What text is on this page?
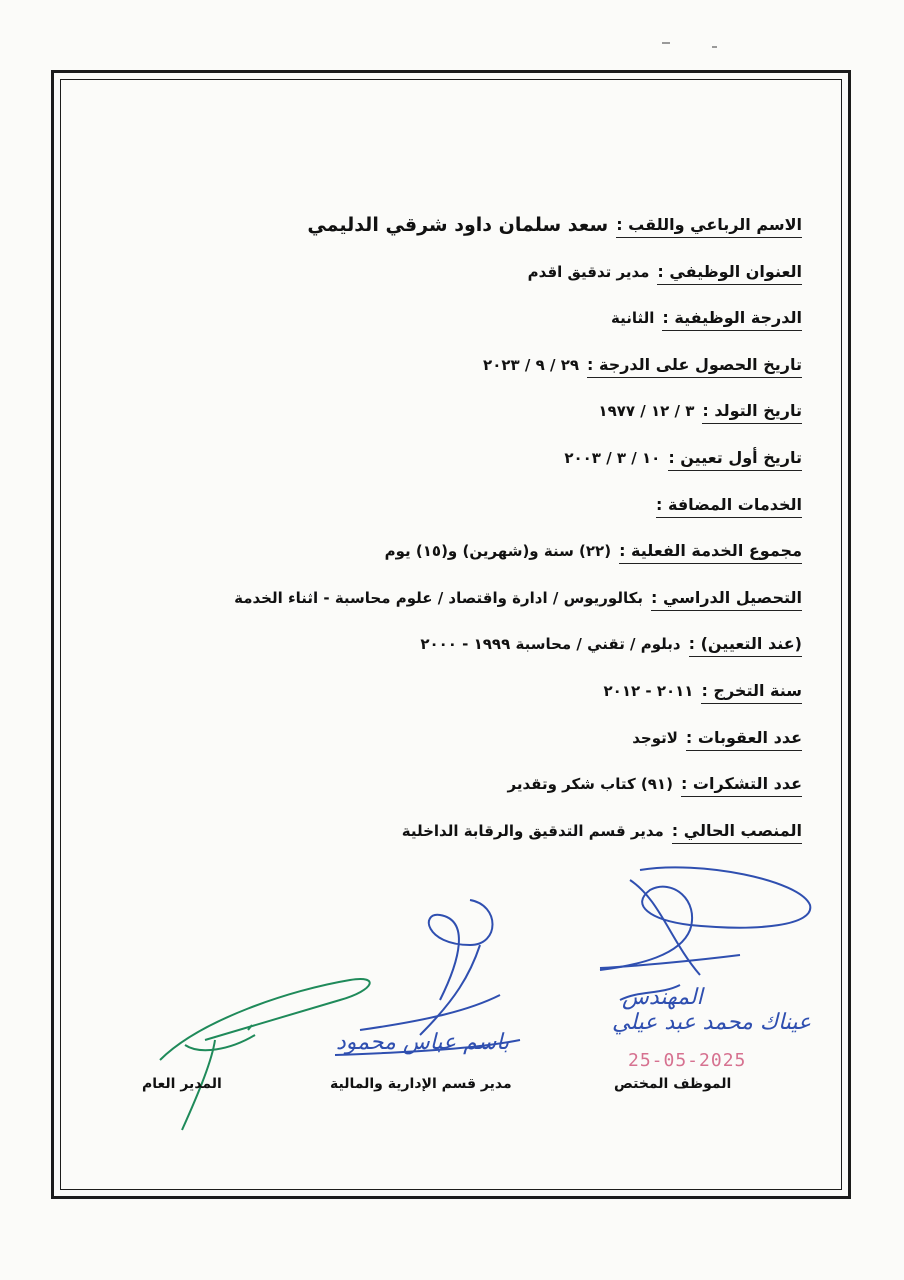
الاسم الرباعي واللقب :
سعد سلمان داود شرقي الدليمي
العنوان الوظيفي :
مدير تدقيق اقدم
الدرجة الوظيفية :
الثانية
تاريخ الحصول على الدرجة :
٢٩ / ٩ / ٢٠٢٣
تاريخ التولد :
٣ / ١٢ / ١٩٧٧
تاريخ أول تعيين :
١٠ / ٣ / ٢٠٠٣
الخدمات المضافة :
مجموع الخدمة الفعلية :
(٢٢) سنة و(شهرين) و(١٥) يوم
التحصيل الدراسي :
بكالوريوس / ادارة واقتصاد / علوم محاسبة - اثناء الخدمة
(عند التعيين) :
دبلوم / تقني / محاسبة ١٩٩٩ - ٢٠٠٠
سنة التخرج :
٢٠١١ - ٢٠١٢
عدد العقوبات :
لاتوجد
عدد التشكرات :
(٩١) كتاب شكر وتقدير
المنصب الحالي :
مدير قسم التدقيق والرقابة الداخلية
المهندس
عيناك محمد عبد عيلي
25-05-2025
باسم عباس محمود
الموظف المختص
مدير قسم الإدارية والمالية
المدير العام
